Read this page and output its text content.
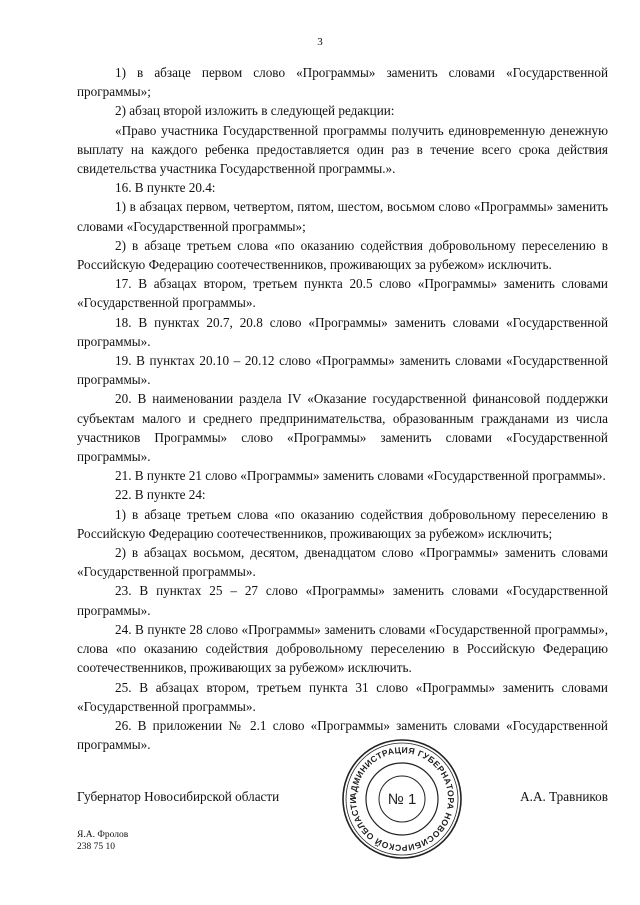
3

1) в абзаце первом слово «Программы» заменить словами «Государственной программы»;

2) абзац второй изложить в следующей редакции:

«Право участника Государственной программы получить единовременную денежную выплату на каждого ребенка предоставляется один раз в течение всего срока действия свидетельства участника Государственной программы.».

16. В пункте 20.4:

1) в абзацах первом, четвертом, пятом, шестом, восьмом слово «Программы» заменить словами «Государственной программы»;

2) в абзаце третьем слова «по оказанию содействия добровольному переселению в Российскую Федерацию соотечественников, проживающих за рубежом» исключить.

17. В абзацах втором, третьем пункта 20.5 слово «Программы» заменить словами «Государственной программы».

18. В пунктах 20.7, 20.8 слово «Программы» заменить словами «Государственной программы».

19. В пунктах 20.10 – 20.12 слово «Программы» заменить словами «Государственной программы».

20. В наименовании раздела IV «Оказание государственной финансовой поддержки субъектам малого и среднего предпринимательства, образованным гражданами из числа участников Программы» слово «Программы» заменить словами «Государственной программы».

21. В пункте 21 слово «Программы» заменить словами «Государственной программы».

22. В пункте 24:

1) в абзаце третьем слова «по оказанию содействия добровольному переселению в Российскую Федерацию соотечественников, проживающих за рубежом» исключить;

2) в абзацах восьмом, десятом, двенадцатом слово «Программы» заменить словами «Государственной программы».

23. В пунктах 25 – 27 слово «Программы» заменить словами «Государственной программы».

24. В пункте 28 слово «Программы» заменить словами «Государственной программы», слова «по оказанию содействия добровольному переселению в Российскую Федерацию соотечественников, проживающих за рубежом» исключить.

25. В абзацах втором, третьем пункта 31 слово «Программы» заменить словами «Государственной программы».

26. В приложении № 2.1 слово «Программы» заменить словами «Государственной программы».

Губернатор Новосибирской области	А.А. Травников
АДМИНИСТРАЦИЯ ГУБЕРНАТОРА НОВОСИБИРСКОЙ ОБЛАСТИ	№ 1
Я.А. Фролов
238 75 10
